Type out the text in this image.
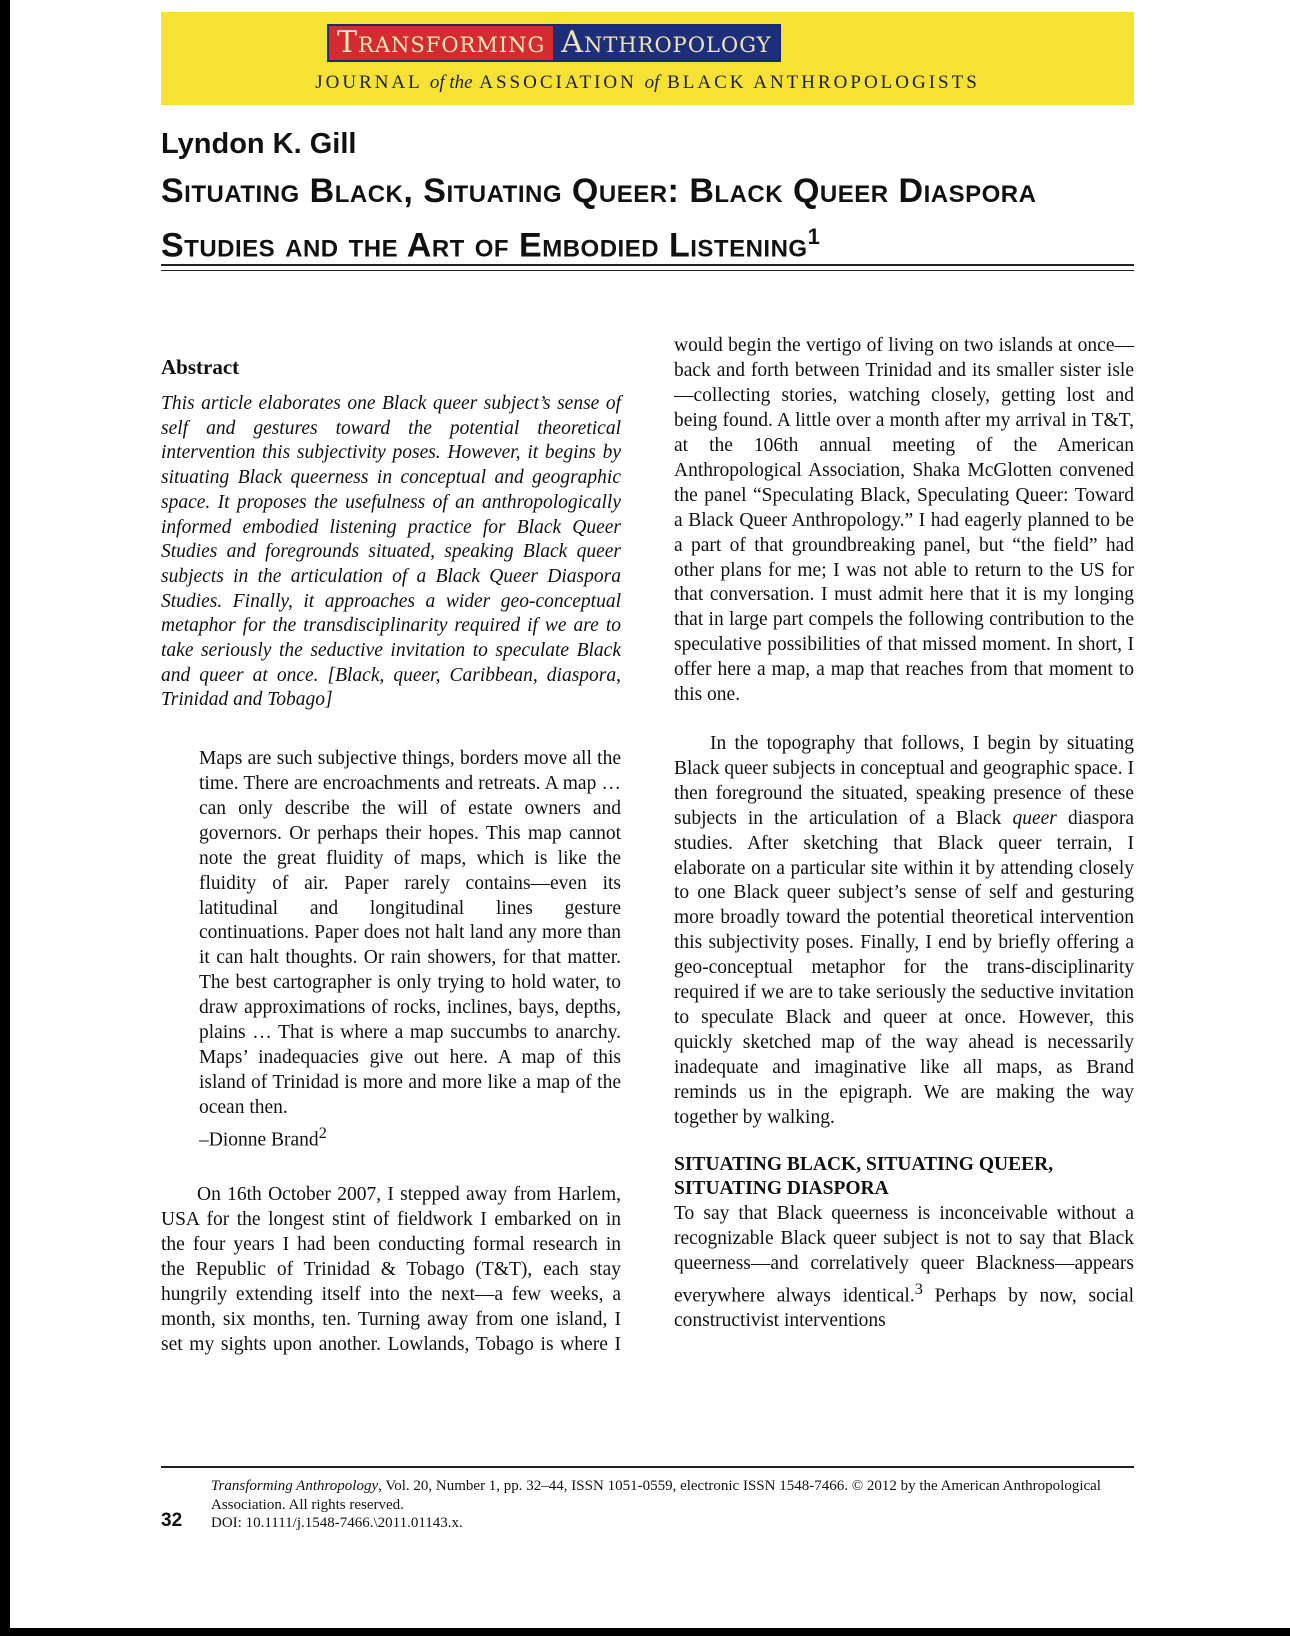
Transforming Anthropology
JOURNAL of the ASSOCIATION of BLACK ANTHROPOLOGISTS
Lyndon K. Gill
Situating Black, Situating Queer: Black Queer Diaspora Studies and the Art of Embodied Listening$^1$

Abstract

This article elaborates one Black queer subject’s sense of self and gestures toward the potential theoretical intervention this subjectivity poses. However, it begins by situating Black queerness in conceptual and geographic space. It proposes the usefulness of an anthropologically informed embodied listening practice for Black Queer Studies and foregrounds situated, speaking Black queer subjects in the articulation of a Black Queer Diaspora Studies. Finally, it approaches a wider geo-conceptual metaphor for the transdisciplinarity required if we are to take seriously the seductive invitation to speculate Black and queer at once. [Black, queer, Caribbean, diaspora, Trinidad and Tobago]

Maps are such subjective things, borders move all the time. There are encroachments and retreats. A map … can only describe the will of estate owners and governors. Or perhaps their hopes. This map cannot note the great fluidity of maps, which is like the fluidity of air. Paper rarely contains—even its latitudinal and longitudinal lines gesture continuations. Paper does not halt land any more than it can halt thoughts. Or rain showers, for that matter. The best cartographer is only trying to hold water, to draw approximations of rocks, inclines, bays, depths, plains … That is where a map succumbs to anarchy. Maps’ inadequacies give out here. A map of this island of Trinidad is more and more like a map of the ocean then.

–Dionne Brand$^2$

On 16th October 2007, I stepped away from Harlem, USA for the longest stint of fieldwork I embarked on in the four years I had been conducting formal research in the Republic of Trinidad & Tobago (T&T), each stay hungrily extending itself into the next—a few weeks, a month, six months, ten. Turning away from one island, I set my sights upon another. Lowlands, Tobago is where I

would begin the vertigo of living on two islands at once—back and forth between Trinidad and its smaller sister isle—collecting stories, watching closely, getting lost and being found. A little over a month after my arrival in T&T, at the 106th annual meeting of the American Anthropological Association, Shaka McGlotten convened the panel “Speculating Black, Speculating Queer: Toward a Black Queer Anthropology.” I had eagerly planned to be a part of that groundbreaking panel, but “the field” had other plans for me; I was not able to return to the US for that conversation. I must admit here that it is my longing that in large part compels the following contribution to the speculative possibilities of that missed moment. In short, I offer here a map, a map that reaches from that moment to this one.

In the topography that follows, I begin by situating Black queer subjects in conceptual and geographic space. I then foreground the situated, speaking presence of these subjects in the articulation of a Black queer diaspora studies. After sketching that Black queer terrain, I elaborate on a particular site within it by attending closely to one Black queer subject’s sense of self and gesturing more broadly toward the potential theoretical intervention this subjectivity poses. Finally, I end by briefly offering a geo-conceptual metaphor for the trans-disciplinarity required if we are to take seriously the seductive invitation to speculate Black and queer at once. However, this quickly sketched map of the way ahead is necessarily inadequate and imaginative like all maps, as Brand reminds us in the epigraph. We are making the way together by walking.

SITUATING BLACK, SITUATING QUEER, SITUATING DIASPORA

To say that Black queerness is inconceivable without a recognizable Black queer subject is not to say that Black queerness—and correlatively queer Blackness—appears everywhere always identical.$^3$ Perhaps by now, social constructivist interventions

Transforming Anthropology, Vol. 20, Number 1, pp. 32–44, ISSN 1051-0559, electronic ISSN 1548-7466. © 2012 by the American Anthropological Association. All rights reserved.
DOI: 10.1111/j.1548-7466.\2011.01143.x.
32
